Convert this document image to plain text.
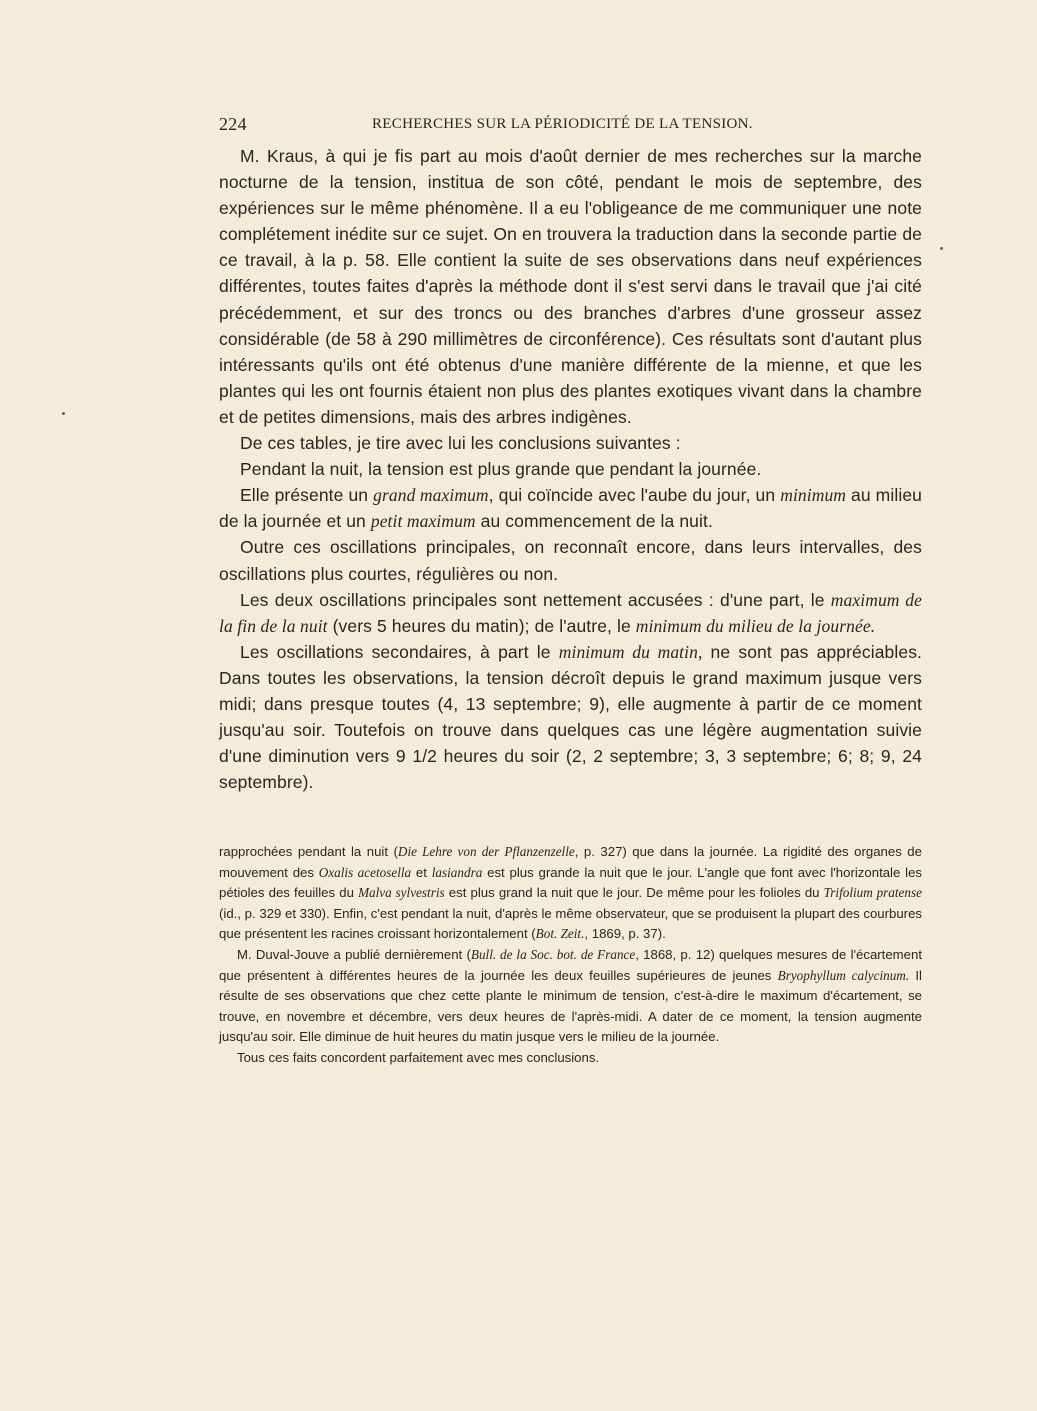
224	RECHERCHES SUR LA PÉRIODICITÉ DE LA TENSION.

M. Kraus, à qui je fis part au mois d'août dernier de mes recherches sur la marche nocturne de la tension, institua de son côté, pendant le mois de septembre, des expériences sur le même phénomène. Il a eu l'obligeance de me communiquer une note complétement inédite sur ce sujet. On en trouvera la traduction dans la seconde partie de ce travail, à la p. 58. Elle contient la suite de ses observations dans neuf expériences différentes, toutes faites d'après la méthode dont il s'est servi dans le travail que j'ai cité précédemment, et sur des troncs ou des branches d'arbres d'une grosseur assez considérable (de 58 à 290 millimètres de circonférence). Ces résultats sont d'autant plus intéressants qu'ils ont été obtenus d'une manière différente de la mienne, et que les plantes qui les ont fournis étaient non plus des plantes exotiques vivant dans la chambre et de petites dimensions, mais des arbres indigènes.

De ces tables, je tire avec lui les conclusions suivantes :

Pendant la nuit, la tension est plus grande que pendant la journée.

Elle présente un grand maximum, qui coïncide avec l'aube du jour, un minimum au milieu de la journée et un petit maximum au commencement de la nuit.

Outre ces oscillations principales, on reconnaît encore, dans leurs intervalles, des oscillations plus courtes, régulières ou non.

Les deux oscillations principales sont nettement accusées : d'une part, le maximum de la fin de la nuit (vers 5 heures du matin); de l'autre, le minimum du milieu de la journée.

Les oscillations secondaires, à part le minimum du matin, ne sont pas appréciables. Dans toutes les observations, la tension décroît depuis le grand maximum jusque vers midi; dans presque toutes (4, 13 septembre; 9), elle augmente à partir de ce moment jusqu'au soir. Toutefois on trouve dans quelques cas une légère augmentation suivie d'une diminution vers 9 1/2 heures du soir (2, 2 septembre; 3, 3 septembre; 6; 8; 9, 24 septembre).

rapprochées pendant la nuit (Die Lehre von der Pflanzenzelle, p. 327) que dans la journée. La rigidité des organes de mouvement des Oxalis acetosella et lasiandra est plus grande la nuit que le jour. L'angle que font avec l'horizontale les pétioles des feuilles du Malva sylvestris est plus grand la nuit que le jour. De même pour les folioles du Trifolium pratense (id., p. 329 et 330). Enfin, c'est pendant la nuit, d'après le même observateur, que se produisent la plupart des courbures que présentent les racines croissant horizontalement (Bot. Zeit., 1869, p. 37).

M. Duval-Jouve a publié dernièrement (Bull. de la Soc. bot. de France, 1868, p. 12) quelques mesures de l'écartement que présentent à différentes heures de la journée les deux feuilles supérieures de jeunes Bryophyllum calycinum. Il résulte de ses observations que chez cette plante le minimum de tension, c'est-à-dire le maximum d'écartement, se trouve, en novembre et décembre, vers deux heures de l'après-midi. A dater de ce moment, la tension augmente jusqu'au soir. Elle diminue de huit heures du matin jusque vers le milieu de la journée.

Tous ces faits concordent parfaitement avec mes conclusions.
